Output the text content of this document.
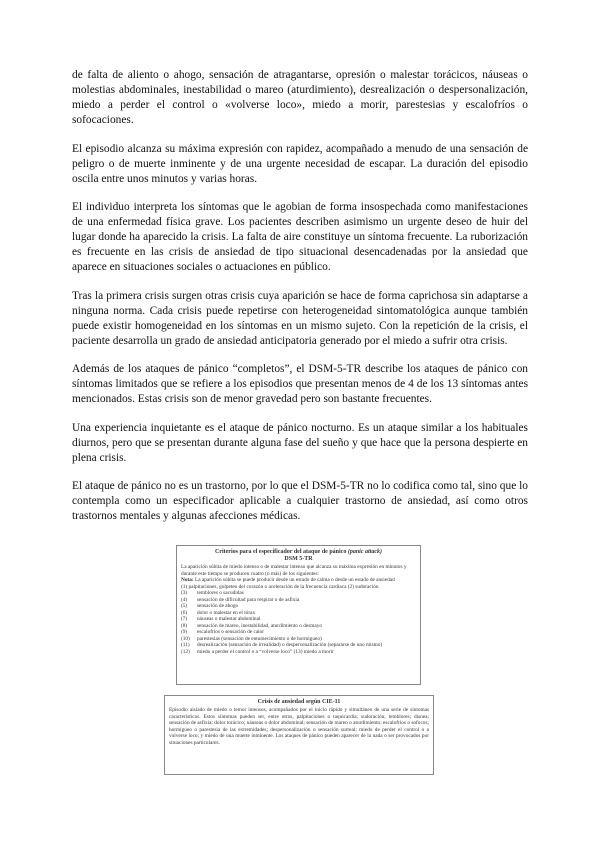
de falta de aliento o ahogo, sensación de atragantarse, opresión o malestar torácicos, náuseas o molestias abdominales, inestabilidad o mareo (aturdimiento), desrealización o despersonalización, miedo a perder el control o «volverse loco», miedo a morir, parestesias y escalofríos o sofocaciones.

El episodio alcanza su máxima expresión con rapidez, acompañado a menudo de una sensación de peligro o de muerte inminente y de una urgente necesidad de escapar. La duración del episodio oscila entre unos minutos y varias horas.

El individuo interpreta los síntomas que le agobian de forma insospechada como manifestaciones de una enfermedad física grave. Los pacientes describen asimismo un urgente deseo de huir del lugar donde ha aparecido la crisis. La falta de aire constituye un síntoma frecuente. La ruborización es frecuente en las crisis de ansiedad de tipo situacional desencadenadas por la ansiedad que aparece en situaciones sociales o actuaciones en público.

Tras la primera crisis surgen otras crisis cuya aparición se hace de forma caprichosa sin adaptarse a ninguna norma. Cada crisis puede repetirse con heterogeneidad sintomatológica aunque también puede existir homogeneidad en los síntomas en un mismo sujeto. Con la repetición de la crisis, el paciente desarrolla un grado de ansiedad anticipatoria generado por el miedo a sufrir otra crisis.

Además de los ataques de pánico “completos”, el DSM-5-TR describe los ataques de pánico con síntomas limitados que se refiere a los episodios que presentan menos de 4 de los 13 síntomas antes mencionados. Estas crisis son de menor gravedad pero son bastante frecuentes.

Una experiencia inquietante es el ataque de pánico nocturno. Es un ataque similar a los habituales diurnos, pero que se presentan durante alguna fase del sueño y que hace que la persona despierte en plena crisis.

El ataque de pánico no es un trastorno, por lo que el DSM-5-TR no lo codifica como tal, sino que lo contempla como un especificador aplicable a cualquier trastorno de ansiedad, así como otros trastornos mentales y algunas afecciones médicas.

Criterios para el especificador del ataque de pánico (panic attack)
DSM 5-TR
La aparición súbita de miedo intenso o de malestar intenso que alcanza su máxima expresión en minutos y durante este tiempo se producen cuatro (o más) de los siguientes:
Nota: La aparición súbita se puede producir desde un estado de calma o desde un estado de ansiedad
(1) palpitaciones, golpeteo del corazón o aceleración de la frecuencia cardiaca (2) sudoración
(3)	temblores o sacudidas
(4)	sensación de dificultad para respirar o de asfixia
(5)	sensación de ahogo
(6)	dolor o malestar en el tórax
(7)	náuseas o malestar abdominal
(8)	sensación de mareo, inestabilidad, aturdimiento o desmayo
(9)	escalofríos o sensación de calor
(10)	parestesias (sensación de entumecimiento o de hormigueo)
(11)	desrealización (sensación de irrealidad) o despersonalización (separarse de uno mismo)
(12)	miedo a perder el control o a “volverse loco” (13) miedo a morir
Crisis de ansiedad según CIE-11
Episodio aislado de miedo o temor intensos, acompañados por el inicio rápido y simultáneo de una serie de síntomas característicos. Estos síntomas pueden ser, entre otros, palpitaciones o taquicardia; sudoración; temblores; disnea; sensación de asfixia; dolor torácico; náuseas o dolor abdominal; sensación de mareo o aturdimiento; escalofríos o sofocos; hormigueo o parestesia de las extremidades; despersonalización o sensación surreal; miedo de perder el control o a volverse loco; y miedo de una muerte inminente. Los ataques de pánico pueden aparecer de la nada o ser provocados por situaciones particulares.
